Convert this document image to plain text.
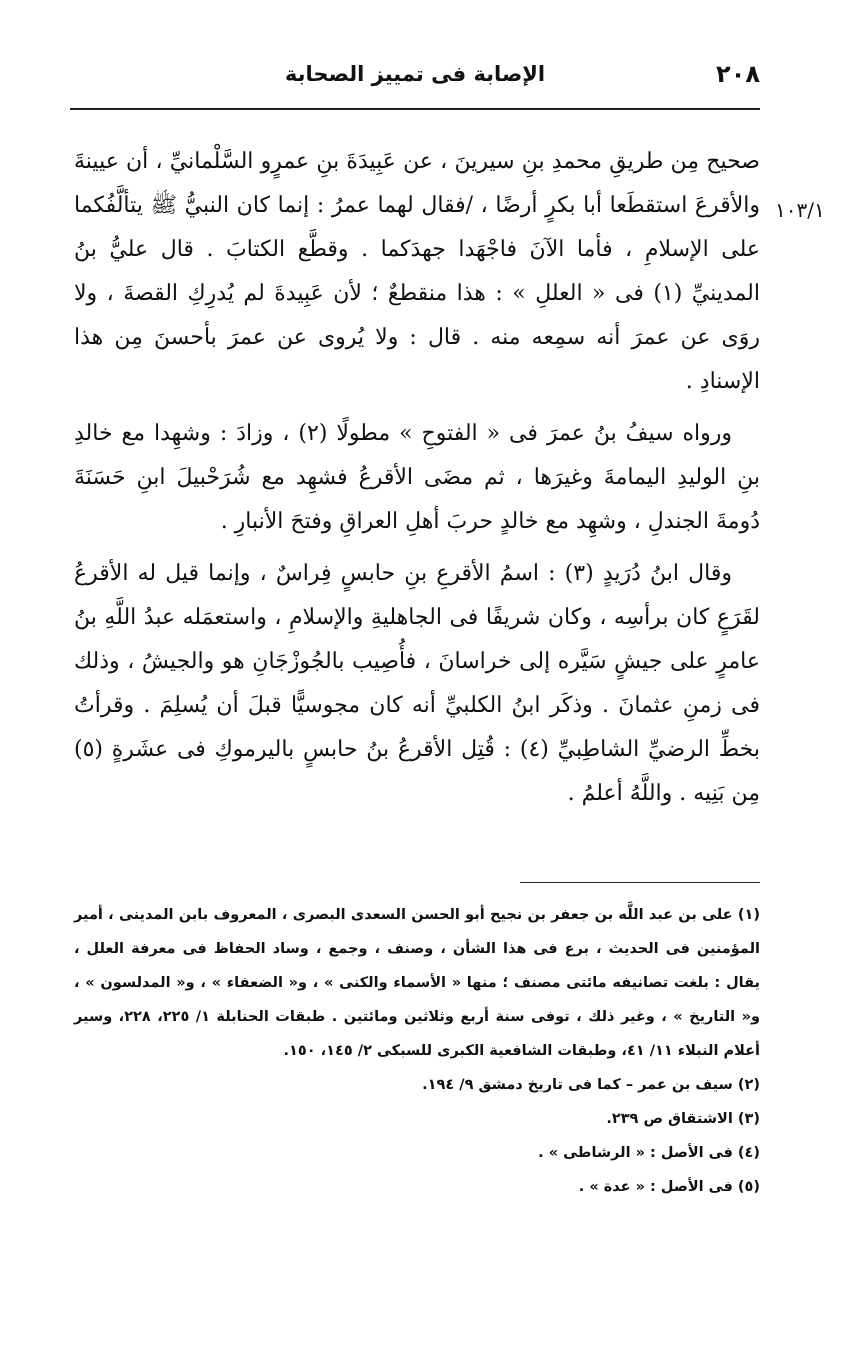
٢٠٨
الإصابة فى تمييز الصحابة
١٠٣/١

صحيح مِن طريقِ محمدِ بنِ سيرينَ ، عن عَبِيدَةَ بنِ عمرٍو السَّلْمانيِّ ، أن عيينةَ والأقرعَ استقطَعا أبا بكرٍ أرضًا ، /فقال لهما عمرُ : إنما كان النبيُّ ﷺ يتألَّفُكما على الإسلامِ ، فأما الآنَ فاجْهَدا جهدَكما . وقطَّع الكتابَ . قال عليُّ بنُ المدينيِّ (١) فى « العللِ » : هذا منقطعٌ ؛ لأن عَبِيدةَ لم يُدرِكِ القصةَ ، ولا روَى عن عمرَ أنه سمِعه منه . قال : ولا يُروى عن عمرَ بأحسنَ مِن هذا الإسنادِ .

ورواه سيفُ بنُ عمرَ فى « الفتوحِ » مطولًا (٢) ، وزادَ : وشهِدا مع خالدِ بنِ الوليدِ اليمامةَ وغيرَها ، ثم مضَى الأقرعُ فشهِد مع شُرَحْبيلَ ابنِ حَسَنَةَ دُومةَ الجندلِ ، وشهِد مع خالدٍ حربَ أهلِ العراقِ وفتحَ الأنبارِ .

وقال ابنُ دُرَيدٍ (٣) : اسمُ الأقرعِ بنِ حابسٍ فِراسٌ ، وإنما قيل له الأقرعُ لقَرَعٍ كان برأسِه ، وكان شريفًا فى الجاهليةِ والإسلامِ ، واستعمَله عبدُ اللَّهِ بنُ عامرٍ على جيشٍ سَيَّره إلى خراسانَ ، فأُصِيب بالجُوزْجَانِ هو والجيشُ ، وذلك فى زمنِ عثمانَ . وذكَر ابنُ الكلبيِّ أنه كان مجوسيًّا قبلَ أن يُسلِمَ . وقرأتُ بخطِّ الرضيِّ الشاطِبيِّ (٤) : قُتِل الأقرعُ بنُ حابسٍ باليرموكِ فى عشَرةٍ (٥) مِن بَنِيه . واللَّهُ أعلمُ .

(١) على بن عبد اللَّه بن جعفر بن نجيح أبو الحسن السعدى البصرى ، المعروف بابن المدينى ، أمير المؤمنين فى الحديث ، برع فى هذا الشأن ، وصنف ، وجمع ، وساد الحفاظ فى معرفة العلل ، يقال : بلغت تصانيفه مائتى مصنف ؛ منها « الأسماء والكنى » ، و« الضعفاء » ، و« المدلسون » ، و« التاريخ » ، وغير ذلك ، توفى سنة أربع وثلاثين ومائتين . طبقات الحنابلة ١/ ٢٢٥، ٢٢٨، وسير أعلام النبلاء ١١/ ٤١، وطبقات الشافعية الكبرى للسبكى ٢/ ١٤٥، ١٥٠.

(٢) سيف بن عمر – كما فى تاريخ دمشق ٩/ ١٩٤.

(٣) الاشتقاق ص ٢٣٩.

(٤) فى الأصل : « الرشاطى » .

(٥) فى الأصل : « عدة » .
